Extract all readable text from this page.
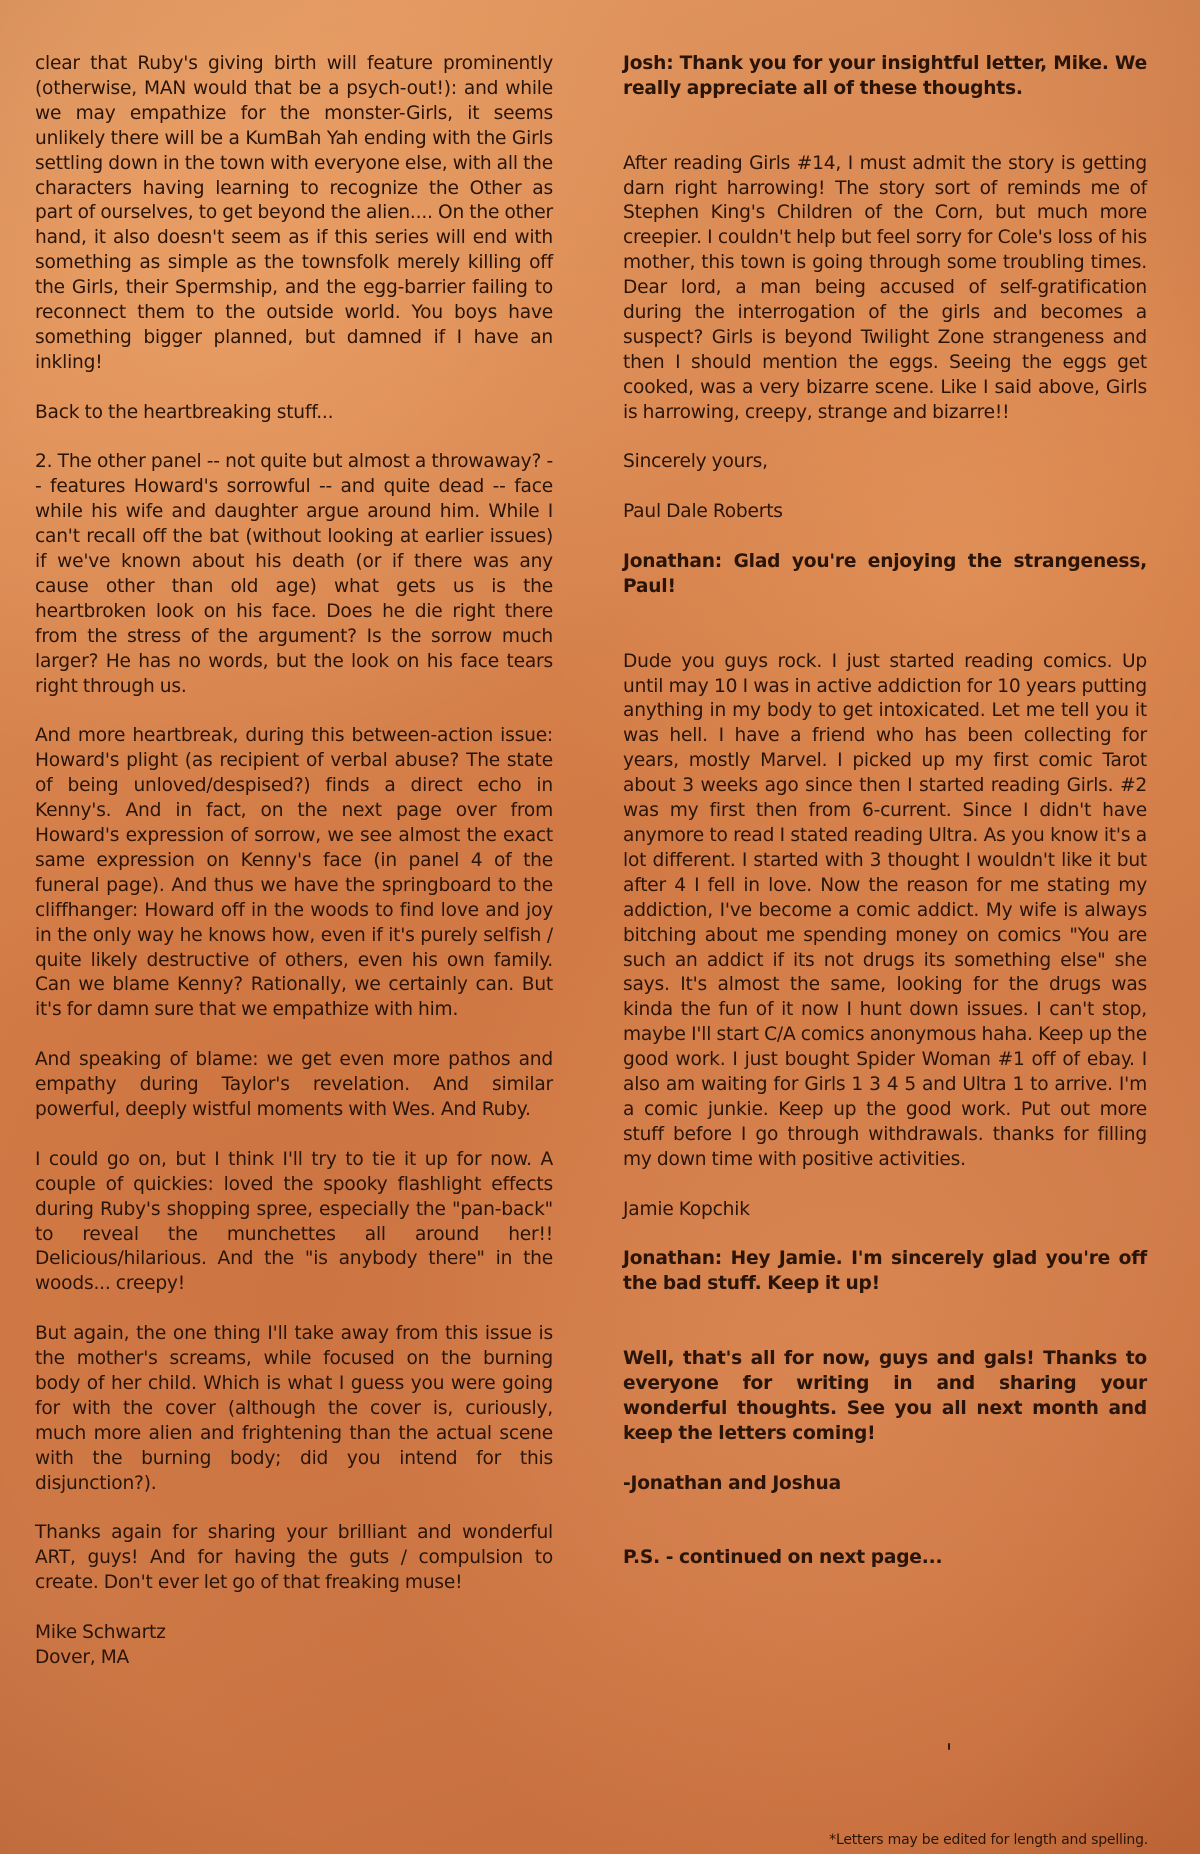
clear that Ruby's giving birth will feature prominently (otherwise, MAN would that be a psych-out!): and while we may empathize for the monster-Girls, it seems unlikely there will be a KumBah Yah ending with the Girls settling down in the town with everyone else, with all the characters having learning to recognize the Other as part of ourselves, to get beyond the alien.... On the other hand, it also doesn't seem as if this series will end with something as simple as the townsfolk merely killing off the Girls, their Spermship, and the egg-barrier failing to reconnect them to the outside world. You boys have something bigger planned, but damned if I have an inkling!

Back to the heartbreaking stuff...

2. The other panel -- not quite but almost a throwaway? -- features Howard's sorrowful -- and quite dead -- face while his wife and daughter argue around him. While I can't recall off the bat (without looking at earlier issues) if we've known about his death (or if there was any cause other than old age) what gets us is the heartbroken look on his face. Does he die right there from the stress of the argument? Is the sorrow much larger? He has no words, but the look on his face tears right through us.

And more heartbreak, during this between-action issue: Howard's plight (as recipient of verbal abuse? The state of being unloved/despised?) finds a direct echo in Kenny's. And in fact, on the next page over from Howard's expression of sorrow, we see almost the exact same expression on Kenny's face (in panel 4 of the funeral page). And thus we have the springboard to the cliffhanger: Howard off in the woods to find love and joy in the only way he knows how, even if it's purely selfish / quite likely destructive of others, even his own family. Can we blame Kenny? Rationally, we certainly can. But it's for damn sure that we empathize with him.

And speaking of blame: we get even more pathos and empathy during Taylor's revelation. And similar powerful, deeply wistful moments with Wes. And Ruby.

I could go on, but I think I'll try to tie it up for now. A couple of quickies: loved the spooky flashlight effects during Ruby's shopping spree, especially the "pan-back" to reveal the munchettes all around her!! Delicious/hilarious. And the "is anybody there" in the woods... creepy!

But again, the one thing I'll take away from this issue is the mother's screams, while focused on the burning body of her child. Which is what I guess you were going for with the cover (although the cover is, curiously, much more alien and frightening than the actual scene with the burning body; did you intend for this disjunction?).

Thanks again for sharing your brilliant and wonderful ART, guys! And for having the guts / compulsion to create. Don't ever let go of that freaking muse!

Mike Schwartz

Dover, MA

Josh: Thank you for your insightful letter, Mike. We really appreciate all of these thoughts.

After reading Girls #14, I must admit the story is getting darn right harrowing! The story sort of reminds me of Stephen King's Children of the Corn, but much more creepier. I couldn't help but feel sorry for Cole's loss of his mother, this town is going through some troubling times. Dear lord, a man being accused of self-gratification during the interrogation of the girls and becomes a suspect? Girls is beyond Twilight Zone strangeness and then I should mention the eggs. Seeing the eggs get cooked, was a very bizarre scene. Like I said above, Girls is harrowing, creepy, strange and bizarre!!

Sincerely yours,

Paul Dale Roberts

Jonathan: Glad you're enjoying the strangeness, Paul!

Dude you guys rock. I just started reading comics. Up until may 10 I was in active addiction for 10 years putting anything in my body to get intoxicated. Let me tell you it was hell. I have a friend who has been collecting for years, mostly Marvel. I picked up my first comic Tarot about 3 weeks ago since then I started reading Girls. #2 was my first then from 6-current. Since I didn't have anymore to read I stated reading Ultra. As you know it's a lot different. I started with 3 thought I wouldn't like it but after 4 I fell in love. Now the reason for me stating my addiction, I've become a comic addict. My wife is always bitching about me spending money on comics "You are such an addict if its not drugs its something else" she says. It's almost the same, looking for the drugs was kinda the fun of it now I hunt down issues. I can't stop, maybe I'll start C/A comics anonymous haha. Keep up the good work. I just bought Spider Woman #1 off of ebay. I also am waiting for Girls 1 3 4 5 and Ultra 1 to arrive. I'm a comic junkie. Keep up the good work. Put out more stuff before I go through withdrawals. thanks for filling my down time with positive activities.

Jamie Kopchik

Jonathan: Hey Jamie. I'm sincerely glad you're off the bad stuff. Keep it up!

Well, that's all for now, guys and gals! Thanks to everyone for writing in and sharing your wonderful thoughts. See you all next month and keep the letters coming!

-Jonathan and Joshua

P.S. - continued on next page...

*Letters may be edited for length and spelling.
